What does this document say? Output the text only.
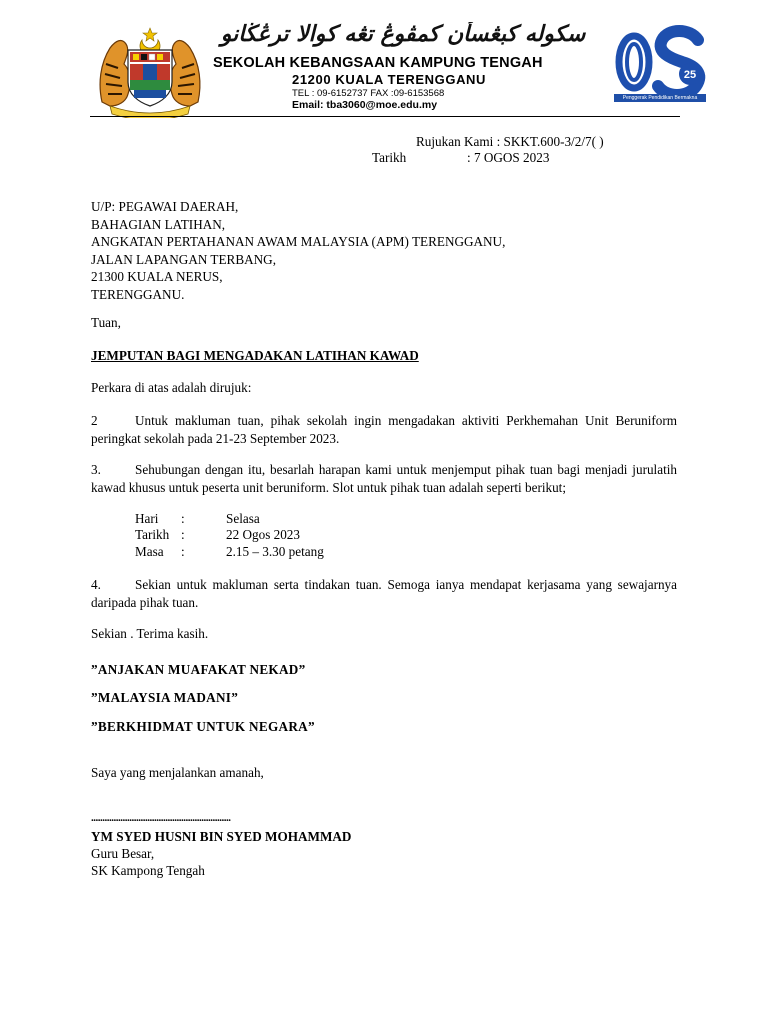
سکوله کبڠسأن کمڤوڠ تڠه کوالا ترڠڬانو
SEKOLAH KEBANGSAAN KAMPUNG TENGAH
21200 KUALA TERENGGANU
TEL : 09-6152737 FAX :09-6153568
Email: tba3060@moe.edu.my
25
Penggerak Pendidikan Bermakna
Rujukan Kami : SKKT.600-3/2/7( )
Tarikh	: 7 OGOS 2023
U/P: PEGAWAI DAERAH,
BAHAGIAN LATIHAN,
ANGKATAN PERTAHANAN AWAM MALAYSIA (APM) TERENGGANU,
JALAN LAPANGAN TERBANG,
21300 KUALA NERUS,
TERENGGANU.
Tuan,
JEMPUTAN BAGI MENGADAKAN LATIHAN KAWAD
Perkara di atas adalah dirujuk:
2	Untuk makluman tuan, pihak sekolah ingin mengadakan aktiviti Perkhemahan Unit Beruniform peringkat sekolah pada 21-23 September 2023.
3.	Sehubungan dengan itu, besarlah harapan kami untuk menjemput pihak tuan bagi menjadi jurulatih kawad khusus untuk peserta unit beruniform. Slot untuk pihak tuan adalah seperti berikut;
Hari :	Selasa
Tarikh :	22 Ogos 2023
Masa :	2.15 – 3.30 petang
4.	Sekian untuk makluman serta tindakan tuan. Semoga ianya mendapat kerjasama yang sewajarnya daripada pihak tuan.
Sekian . Terima kasih.
”ANJAKAN MUAFAKAT NEKAD”
”MALAYSIA MADANI”
”BERKHIDMAT UNTUK NEGARA”
Saya yang menjalankan amanah,
..............................................................
YM SYED HUSNI BIN SYED MOHAMMAD
Guru Besar,
SK Kampong Tengah
